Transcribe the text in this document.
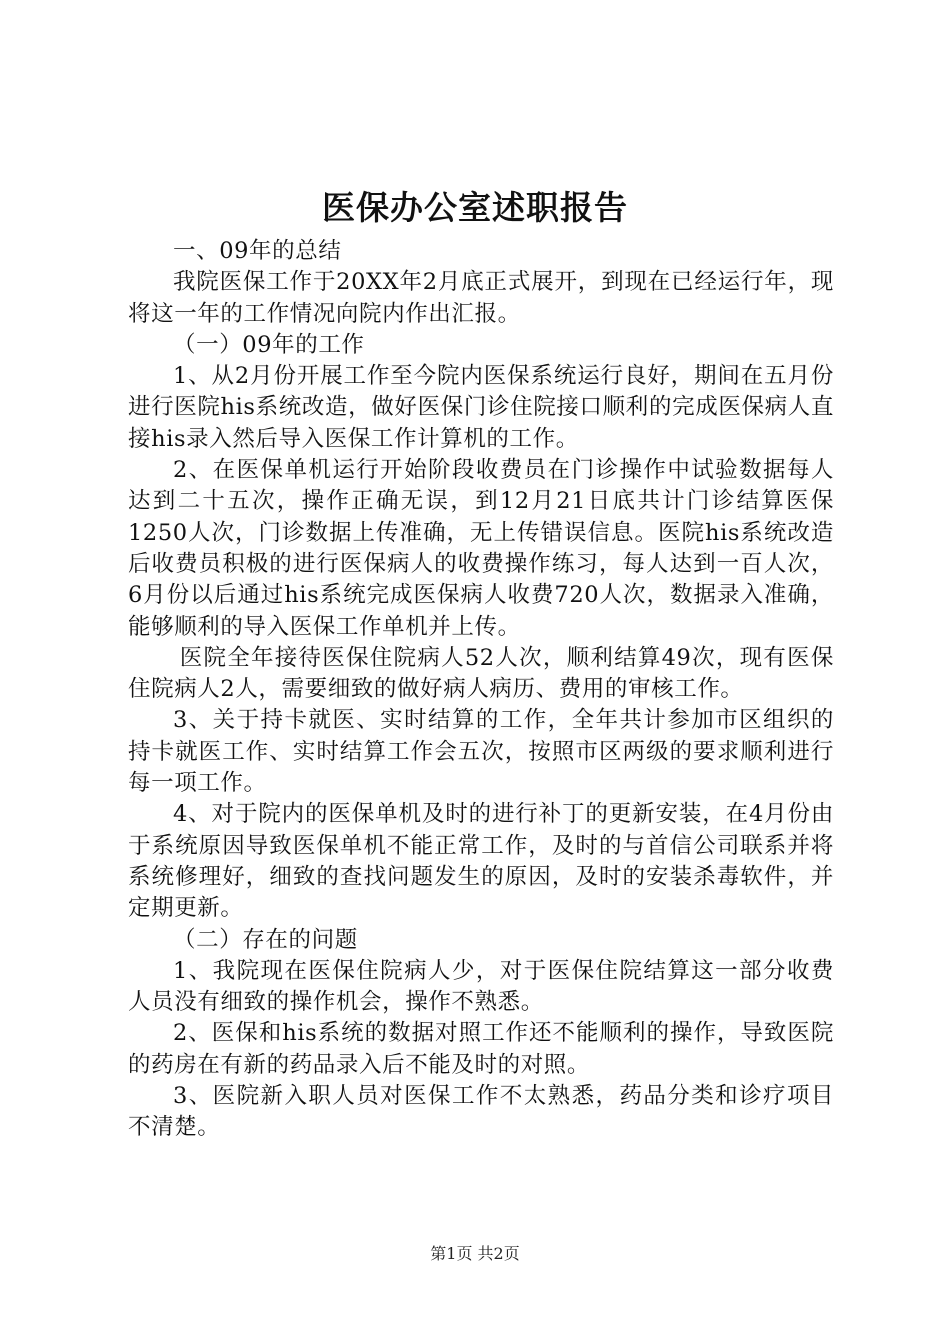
医保办公室述职报告

一、09年的总结

我院医保工作于20XX年2月底正式展开，到现在已经运行年，现将这一年的工作情况向院内作出汇报。

（一）09年的工作

1、从2月份开展工作至今院内医保系统运行良好，期间在五月份进行医院his系统改造，做好医保门诊住院接口顺利的完成医保病人直接his录入然后导入医保工作计算机的工作。

2、在医保单机运行开始阶段收费员在门诊操作中试验数据每人达到二十五次，操作正确无误，到12月21日底共计门诊结算医保1250人次，门诊数据上传准确，无上传错误信息。医院his系统改造后收费员积极的进行医保病人的收费操作练习，每人达到一百人次，6月份以后通过his系统完成医保病人收费720人次，数据录入准确，能够顺利的导入医保工作单机并上传。

医院全年接待医保住院病人52人次，顺利结算49次，现有医保住院病人2人，需要细致的做好病人病历、费用的审核工作。

3、关于持卡就医、实时结算的工作，全年共计参加市区组织的持卡就医工作、实时结算工作会五次，按照市区两级的要求顺利进行每一项工作。

4、对于院内的医保单机及时的进行补丁的更新安装，在4月份由于系统原因导致医保单机不能正常工作，及时的与首信公司联系并将系统修理好，细致的查找问题发生的原因，及时的安装杀毒软件，并定期更新。

（二）存在的问题

1、我院现在医保住院病人少，对于医保住院结算这一部分收费人员没有细致的操作机会，操作不熟悉。

2、医保和his系统的数据对照工作还不能顺利的操作，导致医院的药房在有新的药品录入后不能及时的对照。

3、医院新入职人员对医保工作不太熟悉，药品分类和诊疗项目不清楚。

第1页 共2页
